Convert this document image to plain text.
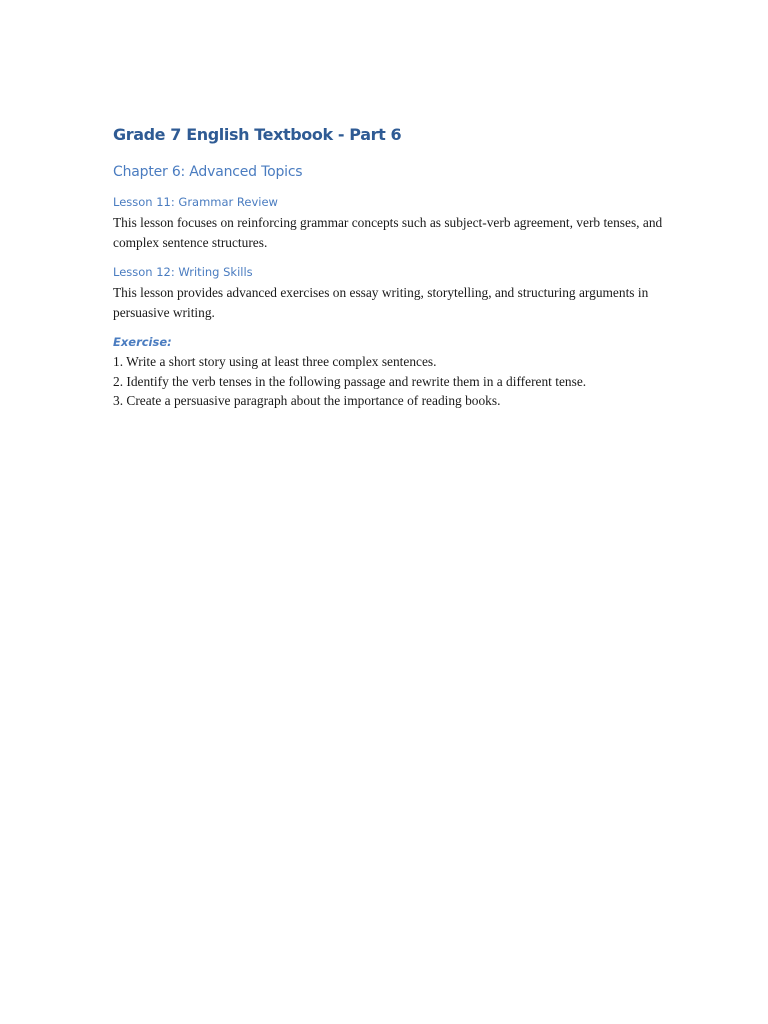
Grade 7 English Textbook - Part 6
Chapter 6: Advanced Topics
Lesson 11: Grammar Review

This lesson focuses on reinforcing grammar concepts such as subject-verb agreement, verb tenses, and complex sentence structures.

Lesson 12: Writing Skills

This lesson provides advanced exercises on essay writing, storytelling, and structuring arguments in persuasive writing.

Exercise:
1. Write a short story using at least three complex sentences.
2. Identify the verb tenses in the following passage and rewrite them in a different tense.
3. Create a persuasive paragraph about the importance of reading books.
